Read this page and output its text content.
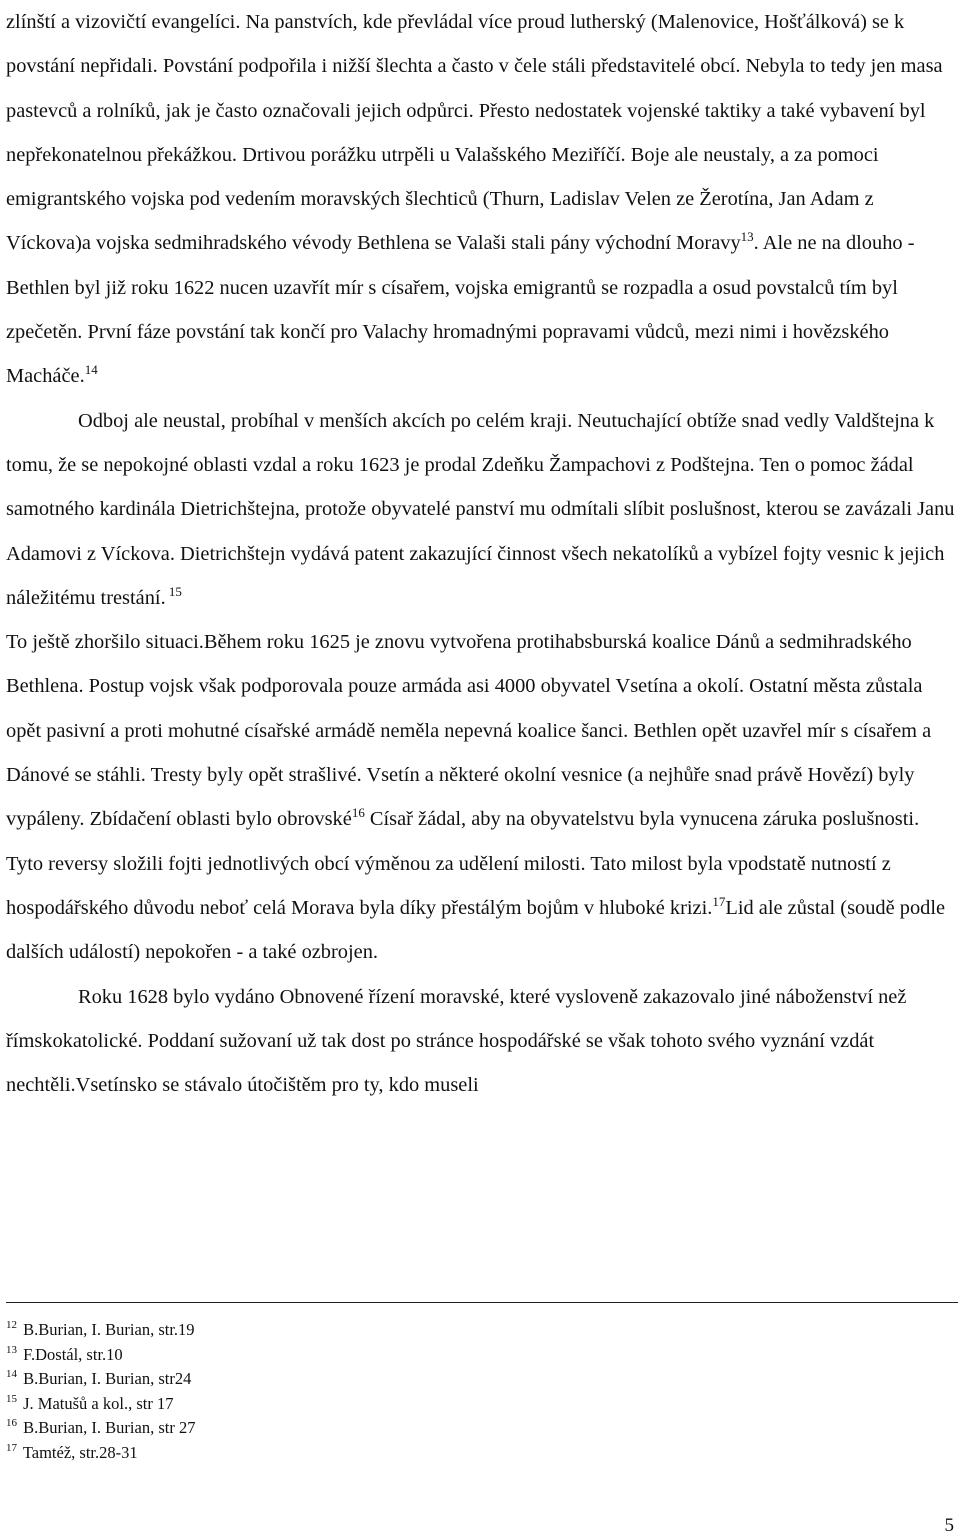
zlínští a vizovičtí evangelíci. Na panstvích, kde převládal více proud lutherský (Malenovice, Hošťálková) se k povstání nepřidali. Povstání podpořila i nižší šlechta a často v čele stáli představitelé obcí. Nebyla to tedy jen masa pastevců a rolníků, jak je často označovali jejich odpůrci. Přesto nedostatek vojenské taktiky a také vybavení byl nepřekonatelnou překážkou. Drtivou porážku utrpěli u Valašského Meziříčí. Boje ale neustaly, a za pomoci emigrantského vojska pod vedením moravských šlechticů (Thurn, Ladislav Velen ze Žerotína, Jan Adam z Víckova)a vojska sedmihradského vévody Bethlena se Valaši stali pány východní Moravy$^{13}$. Ale ne na dlouho - Bethlen byl již roku 1622 nucen uzavřít mír s císařem, vojska emigrantů se rozpadla a osud povstalců tím byl zpečetěn. První fáze povstání tak končí pro Valachy hromadnými popravami vůdců, mezi nimi i hovězského Macháče.$^{14}$

Odboj ale neustal, probíhal v menších akcích po celém kraji. Neutuchající obtíže snad vedly Valdštejna k tomu, že se nepokojné oblasti vzdal a roku 1623 je prodal Zdeňku Žampachovi z Podštejna. Ten o pomoc žádal samotného kardinála Dietrichštejna, protože obyvatelé panství mu odmítali slíbit poslušnost, kterou se zavázali Janu Adamovi z Víckova. Dietrichštejn vydává patent zakazující činnost všech nekatolíků a vybízel fojty vesnic k jejich náležitému trestání. $^{15}$

To ještě zhoršilo situaci.Během roku 1625 je znovu vytvořena protihabsburská koalice Dánů a sedmihradského Bethlena. Postup vojsk však podporovala pouze armáda asi 4000 obyvatel Vsetína a okolí. Ostatní města zůstala opět pasivní a proti mohutné císařské armádě neměla nepevná koalice šanci. Bethlen opět uzavřel mír s císařem a Dánové se stáhli. Tresty byly opět strašlivé. Vsetín a některé okolní vesnice (a nejhůře snad právě Hovězí) byly vypáleny. Zbídačení oblasti bylo obrovské$^{16}$ Císař žádal, aby na obyvatelstvu byla vynucena záruka poslušnosti. Tyto reversy složili fojti jednotlivých obcí výměnou za udělení milosti. Tato milost byla vpodstatě nutností z hospodářského důvodu neboť celá Morava byla díky přestálým bojům v hluboké krizi.$^{17}$Lid ale zůstal (soudě podle dalších událostí) nepokořen - a také ozbrojen.

Roku 1628 bylo vydáno Obnovené řízení moravské, které vysloveně zakazovalo jiné náboženství než římskokatolické. Poddaní sužovaní už tak dost po stránce hospodářské se však tohoto svého vyznání vzdát nechtěli.Vsetínsko se stávalo útočištěm pro ty, kdo museli

$^{12}$ B.Burian, I. Burian, str.19
$^{13}$ F.Dostál, str.10
$^{14}$ B.Burian, I. Burian, str24
$^{15}$ J. Matušů a kol., str 17
$^{16}$ B.Burian, I. Burian, str 27
$^{17}$ Tamtéž, str.28-31
5
